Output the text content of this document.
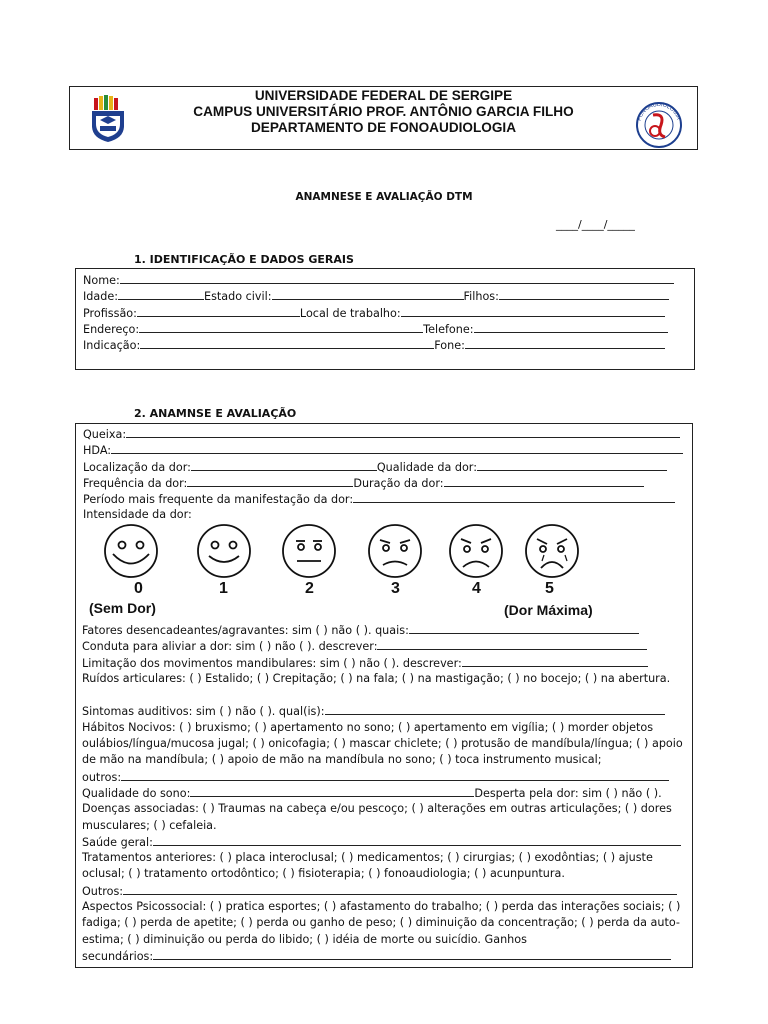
UNIVERSIDADE FEDERAL DE SERGIPE
CAMPUS UNIVERSITÁRIO PROF. ANTÔNIO GARCIA FILHO
DEPARTAMENTO DE FONOAUDIOLOGIA
FONOAUDIOLOGIA
ANAMNESE E AVALIAÇÃO DTM
____/____/_____
1. IDENTIFICAÇÃO E DADOS GERAIS
Nome:
Idade:	Estado civil:	Filhos:
Profissão:	Local de trabalho:
Endereço:	Telefone:
Indicação:	Fone:
2. ANAMNSE E AVALIAÇÃO
Queixa:
HDA:
Localização da dor:	Qualidade da dor:
Frequência da dor:	Duração da dor:
Período mais frequente da manifestação da dor:
Intensidade da dor:
0	1	2	3	4	5
(Sem Dor)	(Dor Máxima)
Fatores desencadeantes/agravantes: sim ( ) não ( ). quais:
Conduta para aliviar a dor: sim ( ) não ( ). descrever:
Limitação dos movimentos mandibulares: sim ( ) não ( ). descrever:
Ruídos articulares: ( ) Estalido; ( ) Crepitação; ( ) na fala; ( ) na mastigação; ( ) no bocejo; ( ) na abertura.
Sintomas auditivos: sim ( ) não ( ). qual(is):
Hábitos Nocivos: ( ) bruxismo; ( ) apertamento no sono; ( ) apertamento em vigília; ( ) morder objetos oulábios/língua/mucosa jugal; ( ) onicofagia; ( ) mascar chiclete; ( ) protusão de mandíbula/língua; ( ) apoio de mão na mandíbula; ( ) apoio de mão na mandíbula no sono; ( ) toca instrumento musical;
outros:
Qualidade do sono:	Desperta pela dor: sim ( ) não ( ).
Doenças associadas: ( ) Traumas na cabeça e/ou pescoço; ( ) alterações em outras articulações; ( ) dores musculares; ( ) cefaleia.
Saúde geral:
Tratamentos anteriores: ( ) placa interoclusal; ( ) medicamentos; ( ) cirurgias; ( ) exodôntias; ( ) ajuste oclusal; ( ) tratamento ortodôntico; ( ) fisioterapia; ( ) fonoaudiologia; ( ) acunpuntura.
Outros:
Aspectos Psicossocial: ( ) pratica esportes; ( ) afastamento do trabalho; ( ) perda das interações sociais; ( ) fadiga; ( ) perda de apetite; ( ) perda ou ganho de peso; ( ) diminuição da concentração; ( ) perda da auto-estima; ( ) diminuição ou perda do libido; ( ) idéia de morte ou suicídio. Ganhos
secundários:
